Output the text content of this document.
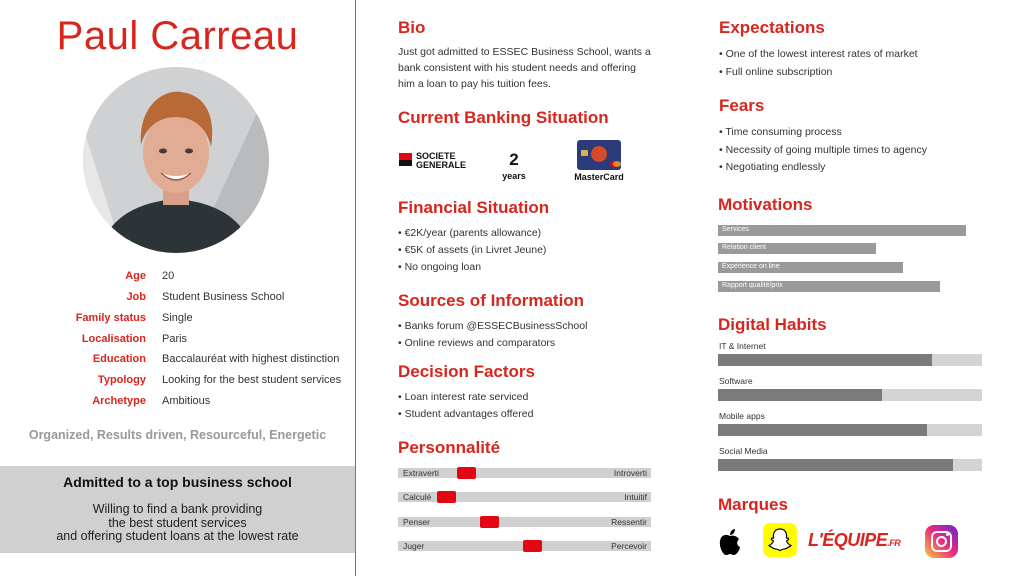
Paul Carreau
Age 20
Job Student Business School
Family status Single
Localisation Paris
Education Baccalauréat with highest distinction
Typology Looking for the best student services
Archetype Ambitious
Organized, Results driven, Resourceful, Energetic
Admitted to a top business school
Willing to find a bank providing
the best student services
and offering student loans at the lowest rate
Bio
Just got admitted to ESSEC Business School, wants a
bank consistent with his student needs and offering
him a loan to pay his tuition fees.
Current Banking Situation
SOCIETE
GENERALE	2
years	MasterCard
Financial Situation
• €2K/year (parents allowance)
• €5K of assets (in Livret Jeune)
• No ongoing loan
Sources of Information
• Banks forum @ESSECBusinessSchool
• Online reviews and comparators
Decision Factors
• Loan interest rate serviced
• Student advantages offered
Personnalité
Extraverti	Introverti
Calculé	Intuitif
Penser	Ressentir
Juger	Percevoir
Expectations
• One of the lowest interest rates of market
• Full online subscription
Fears
• Time consuming process
• Necessity of going multiple times to agency
• Negotiating endlessly
Motivations
Services
Relation client
Expérience on line
Rapport qualité/prix
Digital Habits
IT & Internet
Software
Mobile apps
Social Media
Marques
L'ÉQUIPE.FR
